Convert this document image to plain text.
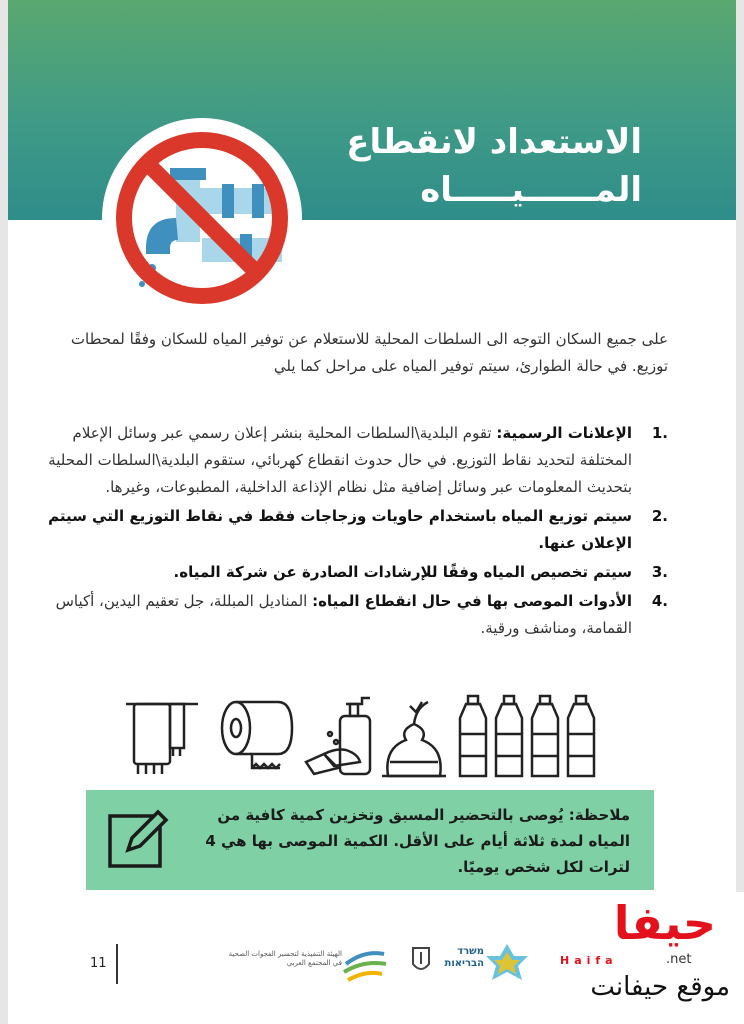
الاستعداد لانقطاع
المــــــيـــــاه
على جميع السكان التوجه الى السلطات المحلية للاستعلام عن توفير المياه للسكان وفقًا لمحطات توزيع. في حالة الطوارئ، سيتم توفير المياه على مراحل كما يلي
1.
الإعلانات الرسمية: تقوم البلدية\السلطات المحلية بنشر إعلان رسمي عبر وسائل الإعلام المختلفة لتحديد نقاط التوزيع. في حال حدوث انقطاع كهربائي، ستقوم البلدية\السلطات المحلية بتحديث المعلومات عبر وسائل إضافية مثل نظام الإذاعة الداخلية، المطبوعات، وغيرها.
2.
سيتم توزيع المياه باستخدام حاويات وزجاجات فقط في نقاط التوزيع التي سيتم الإعلان عنها.
3.
سيتم تخصيص المياه وفقًا للإرشادات الصادرة عن شركة المياه.
4.
الأدوات الموصى بها في حال انقطاع المياه: المناديل المبللة، جل تعقيم اليدين، أكياس القمامة، ومناشف ورقية.
ملاحظة: يُوصى بالتحضير المسبق وتخزين كمية كافية من المياه لمدة ثلاثة أيام على الأقل. الكمية الموصى بها هي 4 لترات لكل شخص يوميًا.
11
الهيئة التنفيذية لتجسير الفجوات الصحية
في المجتمع العربي
משרד הבריאות
حيفا
Haifa	.net
موقع حيفانت
